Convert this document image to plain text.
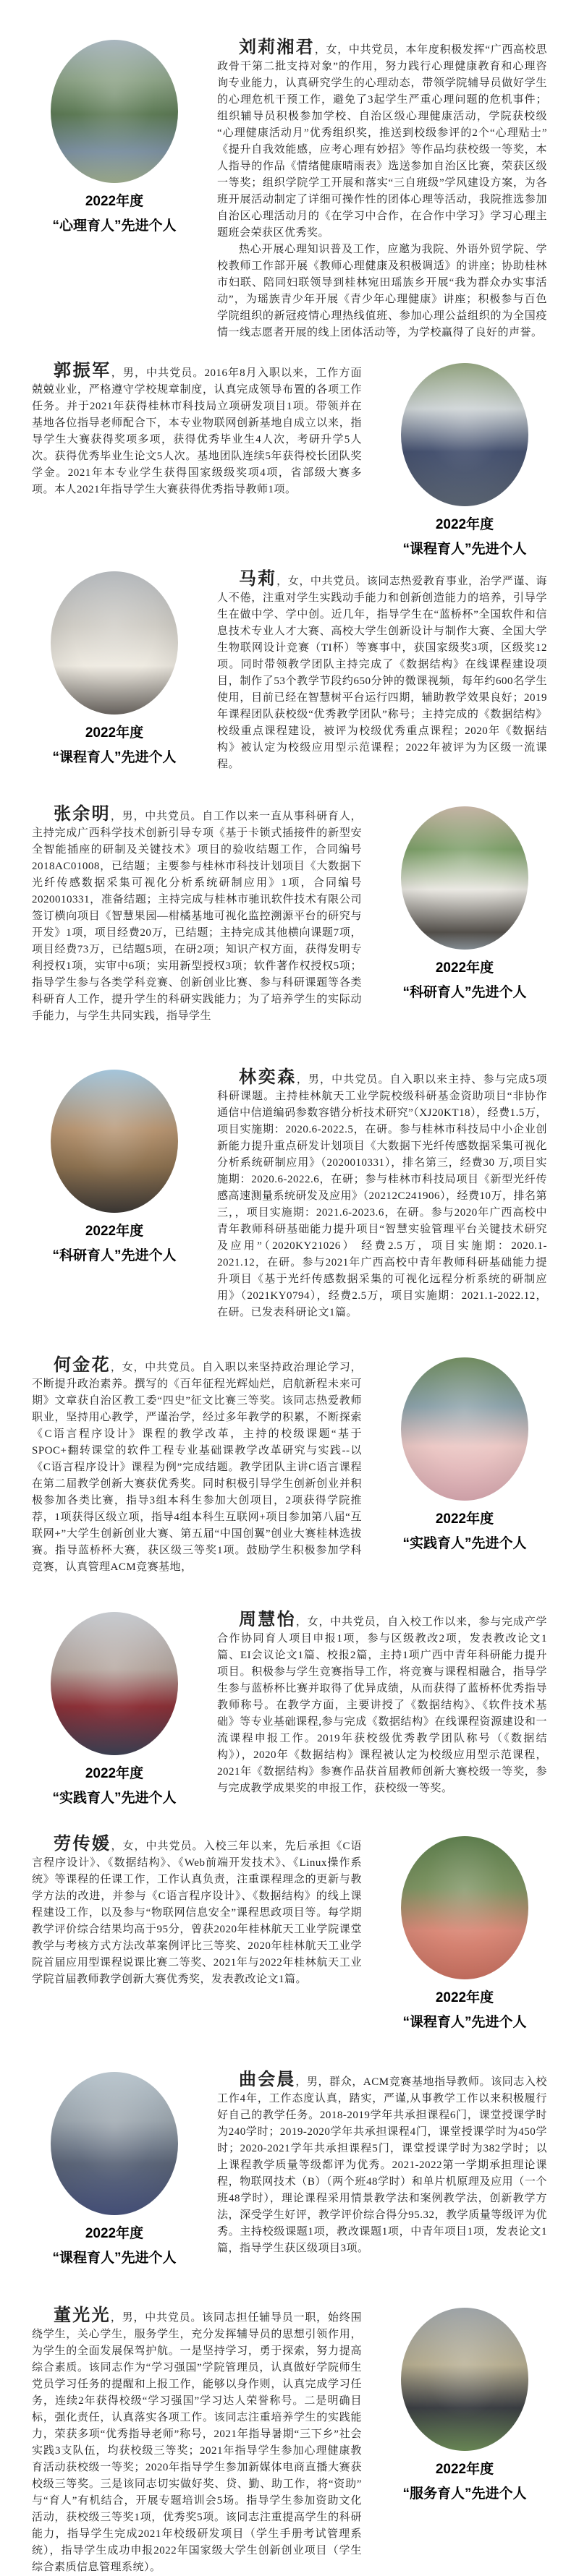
2022年度
“心理育人”先进个人

刘莉湘君，女，中共党员，本年度积极发挥“广西高校思政骨干第二批支持对象”的作用，努力践行心理健康教育和心理咨询专业能力，认真研究学生的心理动态，带领学院辅导员做好学生的心理危机干预工作，避免了3起学生严重心理问题的危机事件；组织辅导员积极参加学校、自治区级心理健康活动，学院获校级“心理健康活动月”优秀组织奖，推送到校级参评的2个“心理贴士”《提升自我效能感，应考心理有妙招》等作品均获校级一等奖，本人指导的作品《情绪健康晴雨表》选送参加自治区比赛，荣获区级一等奖；组织学院学工开展和落实“三自班级”学风建设方案，为各班开展活动制定了详细可操作性的团体心理等活动，我院推选参加自治区心理活动月的《在学习中合作，在合作中学习》学习心理主题班会荣获区优秀奖。

热心开展心理知识普及工作，应邀为我院、外语外贸学院、学校教师工作部开展《教师心理健康及积极调适》的讲座；协助桂林市妇联、陪同妇联领导到桂林宛田瑶族乡开展“我为群众办实事活动”，为瑶族青少年开展《青少年心理健康》讲座；积极参与百色学院组织的新冠疫情心理热线值班、参加心理公益组织的为全国疫情一线志愿者开展的线上团体活动等，为学校赢得了良好的声誉。

郭振军，男，中共党员。2016年8月入职以来，工作方面兢兢业业，严格遵守学校规章制度，认真完成领导布置的各项工作任务。并于2021年获得桂林市科技局立项研发项目1项。带领并在基地各位指导老师配合下，本专业物联网创新基地自成立以来，指导学生大赛获得奖项多项，获得优秀毕业生4人次，考研升学5人次。获得优秀毕业生论文5人次。基地团队连续5年获得校长团队奖学金。2021年本专业学生获得国家级级奖项4项，省部级大赛多项。本人2021年指导学生大赛获得优秀指导教师1项。

2022年度
“课程育人”先进个人
2022年度
“课程育人”先进个人

马莉，女，中共党员。该同志热爱教育事业，治学严谨、诲人不倦，注重对学生实践动手能力和创新创造能力的培养，引导学生在做中学、学中创。近几年，指导学生在“蓝桥杯”全国软件和信息技术专业人才大赛、高校大学生创新设计与制作大赛、全国大学生物联网设计竞赛（TI杯）等赛事中，获国家级奖3项，区级奖12项。同时带领教学团队主持完成了《数据结构》在线课程建设项目，制作了53个教学节段约650分钟的微课视频，每年约600名学生使用，目前已经在智慧树平台运行四期，辅助教学效果良好；2019年课程团队获校级“优秀教学团队”称号；主持完成的《数据结构》校级重点课程建设，被评为校级优秀重点课程；2020年《数据结构》被认定为校级应用型示范课程；2022年被评为为区级一流课程。

张余明，男，中共党员。自工作以来一直从事科研育人，主持完成广西科学技术创新引导专项《基于卡锁式插接件的新型安全智能插座的研制及关键技术》项目的验收结题工作，合同编号2018AC01008，已结题；主要参与桂林市科技计划项目《大数据下光纤传感数据采集可视化分析系统研制应用》1项，合同编号2020010331，准备结题；主持完成与桂林市驰讯软件技术有限公司签订横向项目《智慧果园—柑橘基地可视化监控溯源平台的研究与开发》1项，项目经费20万，已结题；主持完成其他横向课题7项，项目经费73万，已结题5项，在研2项；知识产权方面，获得发明专利授权1项，实审中6项；实用新型授权3项；软件著作权授权5项；指导学生参与各类学科竞赛、创新创业比赛、参与科研课题等各类科研育人工作，提升学生的科研实践能力；为了培养学生的实际动手能力，与学生共同实践，指导学生

2022年度
“科研育人”先进个人
2022年度
“科研育人”先进个人

林奕森，男，中共党员。自入职以来主持、参与完成5项科研课题。主持桂林航天工业学院校级科研基金资助项目“非协作通信中信道编码参数容错分析技术研究”（XJ20KT18），经费1.5万，项目实施期：2020.6-2022.5，在研。参与桂林市科技局中小企业创新能力提升重点研发计划项目《大数据下光纤传感数据采集可视化分析系统研制应用》（2020010331），排名第三，经费30 万,项目实施期：2020.6-2022.6，在研；参与桂林市科技局项目《新型光纤传感高速测量系统研发及应用》（20212C241906），经费10万，排名第三，，项目实施期：2021.6-2023.6，在研。参与2020年广西高校中青年教师科研基础能力提升项目“智慧实验管理平台关键技术研究及应用”（2020KY21026） 经费2.5万，项目实施期：2020.1-2021.12，在研。参与2021年广西高校中青年教师科研基础能力提升项目《基于光纤传感数据采集的可视化远程分析系统的研制应用》（2021KY0794），经费2.5万，项目实施期：2021.1-2022.12，在研。已发表科研论文1篇。

何金花，女，中共党员。自入职以来坚持政治理论学习，不断提升政治素养。撰写的《百年征程光辉灿烂，启航新程未来可期》文章获自治区教工委“四史”征文比赛三等奖。该同志热爱教师职业，坚持用心教学，严谨治学，经过多年教学的积累，不断探索《C语言程序设计》课程的教学改革，主持的校级课题“基于SPOC+翻转课堂的软件工程专业基础课教学改革研究与实践--以《C语言程序设计》课程为例”完成结题。教学团队主讲C语言课程在第二届教学创新大赛获优秀奖。同时积极引导学生创新创业并积极参加各类比赛，指导3组本科生参加大创项目，2项获得学院推荐，1项获得区级立项，指导4组本科生互联网+项目参加第八届“互联网+”大学生创新创业大赛、第五届“中国创翼”创业大赛桂林选拔赛。指导蓝桥杯大赛，获区级三等奖1项。鼓励学生积极参加学科竞赛，认真管理ACM竞赛基地，

2022年度
“实践育人”先进个人
2022年度
“实践育人”先进个人

周慧怡，女，中共党员，自入校工作以来，参与完成产学合作协同育人项目申报1项，参与区级教改2项，发表教改论文1篇、EI会议论文1篇、校报2篇，主持1项广西中青年科研能力提升项目。积极参与学生竞赛指导工作，将竞赛与课程相融合，指导学生参与蓝桥杯比赛并取得了优异成绩，从而获得了蓝桥杯优秀指导教师称号。在教学方面，主要讲授了《数据结构》、《软件技术基础》等专业基础课程,参与完成《数据结构》在线课程资源建设和一流课程申报工作。2019年获校级优秀教学团队称号（《数据结构》），2020年《数据结构》课程被认定为校级应用型示范课程，2021年《数据结构》参赛作品获首届教师创新大赛校级一等奖，参与完成教学成果奖的申报工作，获校级一等奖。

劳传媛，女，中共党员。入校三年以来，先后承担《C语言程序设计》、《数据结构》、《Web前端开发技术》、《Linux操作系统》等课程的任课工作，工作认真负责，注重课程理念的更新与教学方法的改进，并参与《C语言程序设计》、《数据结构》的线上课程建设工作，以及参与“物联网信息安全”课程思政项目等。每学期教学评价综合结果均高于95分，曾获2020年桂林航天工业学院课堂教学与考核方式方法改革案例评比三等奖、2020年桂林航天工业学院首届应用型课程说课比赛二等奖、2021年与2022年桂林航天工业学院首届教师教学创新大赛优秀奖，发表教改论文1篇。

2022年度
“课程育人”先进个人
2022年度
“课程育人”先进个人

曲会晨，男，群众，ACM竞赛基地指导教师。该同志入校工作4年，工作态度认真，踏实，严谨,从事教学工作以来积极履行好自己的教学任务。2018-2019学年共承担课程6门，课堂授课学时为240学时；2019-2020学年共承担课程4门，课堂授课学时为450学时；2020-2021学年共承担课程5门，课堂授课学时为382学时；以上课程教学质量等级都评为优秀。2021-2022第一学期承担理论课程，物联网技术（B）（两个班48学时）和单片机原理及应用（一个班48学时），理论课程采用情景教学法和案例教学法，创新教学方法，深受学生好评，教学评价综合得分95.32，教学质量等级评为优秀。主持校级课题1项，教改课题1项，中青年项目1项，发表论文1篇，指导学生获区级项目3项。

董光光，男，中共党员。该同志担任辅导员一职，始终围绕学生，关心学生，服务学生，充分发挥辅导员的思想引领作用，为学生的全面发展保驾护航。一是坚持学习，勇于探索，努力提高综合素质。该同志作为“学习强国”学院管理员，认真做好学院师生党员学习任务的提醒和上报工作，能够以身作则，认真完成学习任务，连续2年获得校级“学习强国”学习达人荣誉称号。二是明确目标，强化责任，认真落实各项工作。该同志注重培养学生的实践能力，荣获多项“优秀指导老师”称号，2021年指导暑期“三下乡”社会实践3支队伍，均获校级三等奖；2021年指导学生参加心理健康教育活动获校级一等奖；2020年指导学生参加新媒体电商直播大赛获校级三等奖。三是该同志切实做好奖、贷、勤、助工作，将“资助”与“育人”有机结合，开展专题培训会5场。指导学生参加资助文化活动，获校级三等奖1项，优秀奖5项。该同志注重提高学生的科研能力，指导学生完成2021年校级研发项目（学生手册考试管理系统），指导学生成功申报2022年国家级大学生创新创业项目（学生综合素质信息管理系统）。

2022年度
“服务育人”先进个人
